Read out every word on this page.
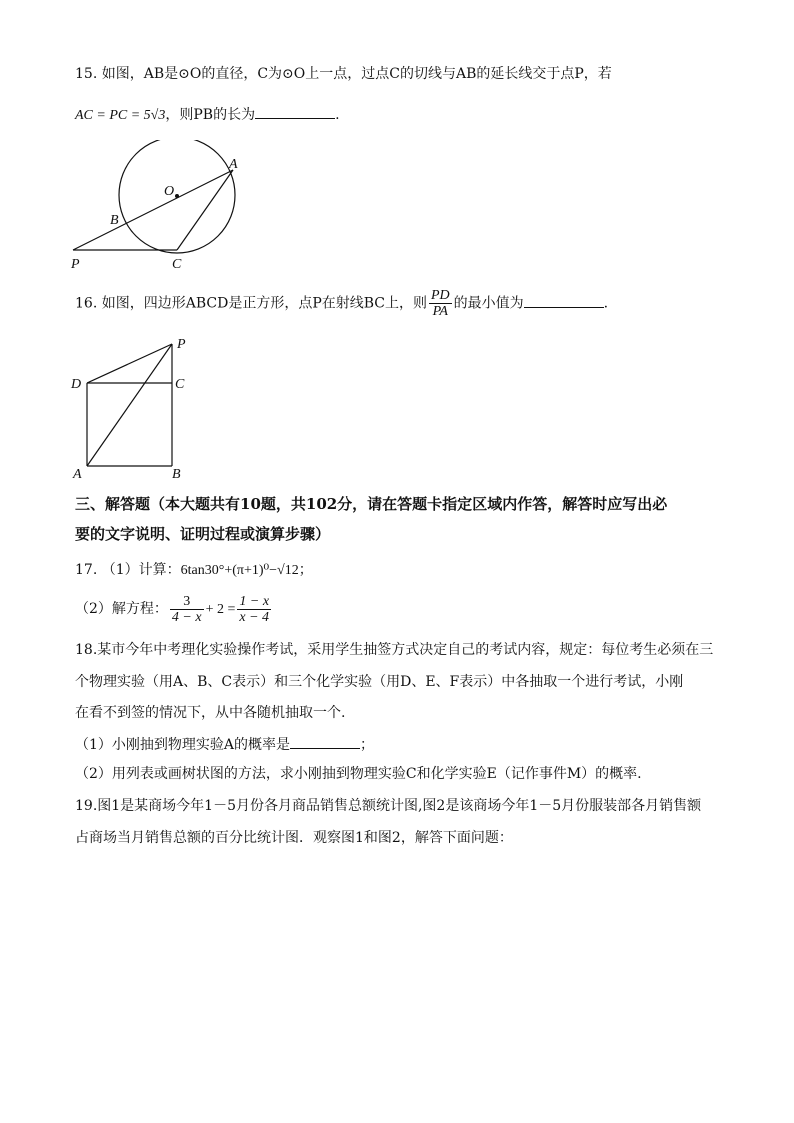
15. 如图，AB是⊙O的直径，C为⊙O上一点，过点C的切线与AB的延长线交于点P，若
AC = PC = 5√3，则PB的长为	.
A
O
B
P	C
16. 如图，四边形ABCD是正方形，点P在射线BC上，则 $\frac{PD}{PA}$ 的最小值为	.
P
D	C
A	B
三、解答题（本大题共有10题，共102分，请在答题卡指定区域内作答，解答时应写出必
要的文字说明、证明过程或演算步骤）
17. （1）计算：6tan30°+(π+1)⁰−√12；
（2）解方程： $\frac{3}{4 - x} + 2 = \frac{1 - x}{x - 4}$
18.某市今年中考理化实验操作考试，采用学生抽签方式决定自己的考试内容，规定：每位考生必须在三
个物理实验（用A、B、C表示）和三个化学实验（用D、E、F表示）中各抽取一个进行考试，小刚
在看不到签的情况下，从中各随机抽取一个.
（1）小刚抽到物理实验A的概率是	；
（2）用列表或画树状图的方法，求小刚抽到物理实验C和化学实验E（记作事件M）的概率.
19.图1是某商场今年1－5月份各月商品销售总额统计图,图2是该商场今年1－5月份服装部各月销售额
占商场当月销售总额的百分比统计图．观察图1和图2，解答下面问题：
